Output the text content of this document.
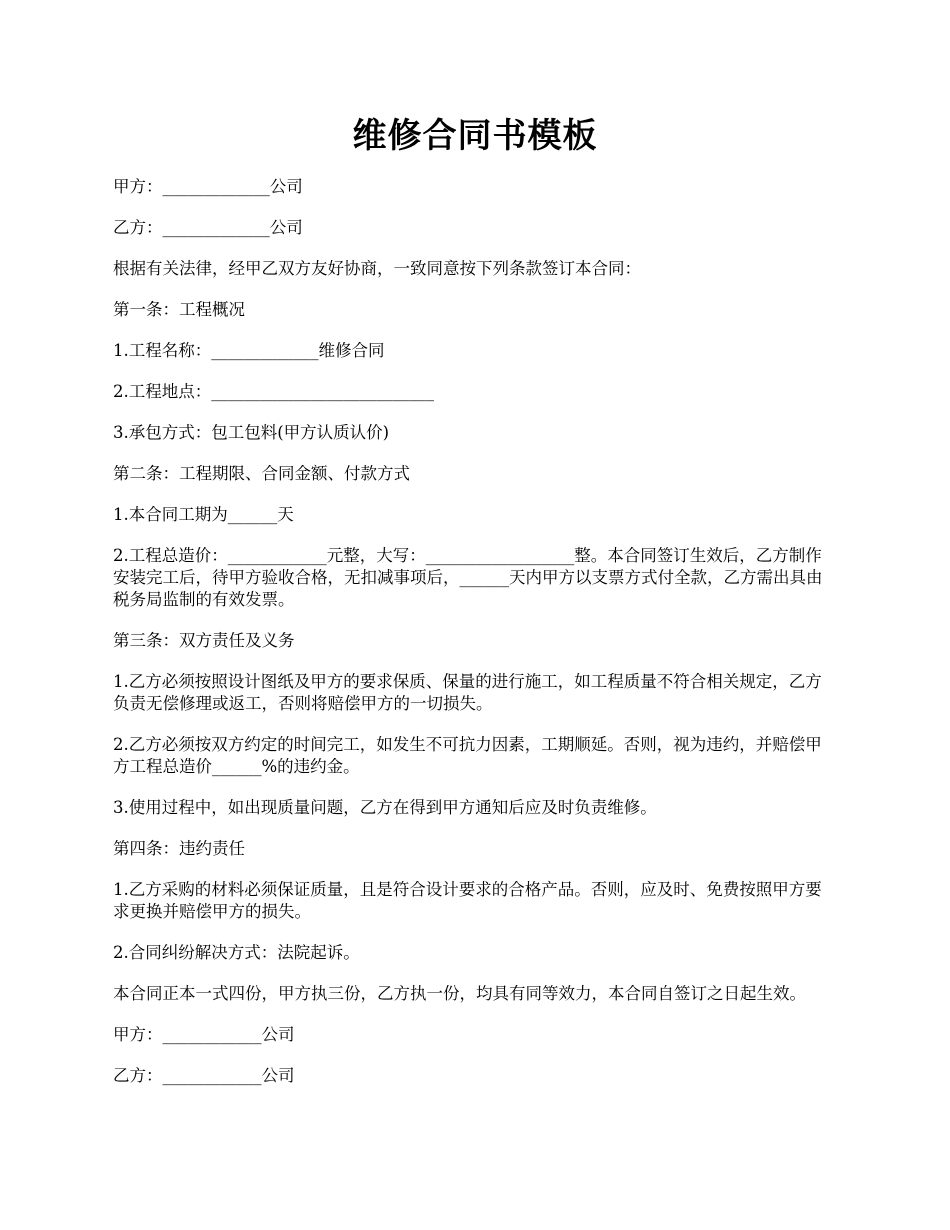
维修合同书模板

甲方：_____________公司

乙方：_____________公司

根据有关法律，经甲乙双方友好协商，一致同意按下列条款签订本合同：

第一条：工程概况

1.工程名称：_____________维修合同

2.工程地点：___________________________

3.承包方式：包工包料(甲方认质认价)

第二条：工程期限、合同金额、付款方式

1.本合同工期为______天

2.工程总造价：____________元整，大写：__________________整。本合同签订生效后，乙方制作安装完工后，待甲方验收合格，无扣减事项后，______天内甲方以支票方式付全款，乙方需出具由税务局监制的有效发票。

第三条：双方责任及义务

1.乙方必须按照设计图纸及甲方的要求保质、保量的进行施工，如工程质量不符合相关规定，乙方负责无偿修理或返工，否则将赔偿甲方的一切损失。

2.乙方必须按双方约定的时间完工，如发生不可抗力因素，工期顺延。否则，视为违约，并赔偿甲方工程总造价______%的违约金。

3.使用过程中，如出现质量问题，乙方在得到甲方通知后应及时负责维修。

第四条：违约责任

1.乙方采购的材料必须保证质量，且是符合设计要求的合格产品。否则，应及时、免费按照甲方要求更换并赔偿甲方的损失。

2.合同纠纷解决方式：法院起诉。

本合同正本一式四份，甲方执三份，乙方执一份，均具有同等效力，本合同自签订之日起生效。

甲方：____________公司

乙方：____________公司
